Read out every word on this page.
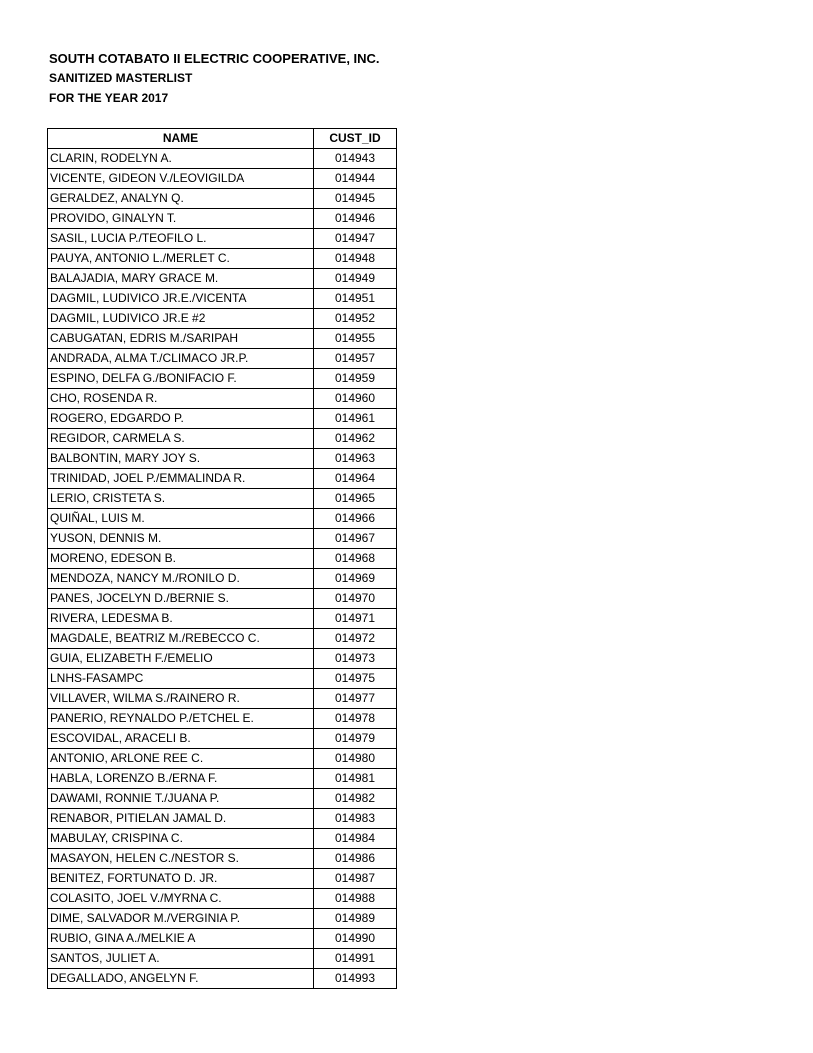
SOUTH COTABATO II ELECTRIC COOPERATIVE, INC.

SANITIZED MASTERLIST

FOR THE YEAR 2017

NAME	CUST_ID
CLARIN, RODELYN A.	014943
VICENTE, GIDEON V./LEOVIGILDA	014944
GERALDEZ, ANALYN Q.	014945
PROVIDO, GINALYN T.	014946
SASIL, LUCIA P./TEOFILO L.	014947
PAUYA, ANTONIO L./MERLET C.	014948
BALAJADIA, MARY GRACE M.	014949
DAGMIL, LUDIVICO JR.E./VICENTA	014951
DAGMIL, LUDIVICO JR.E #2	014952
CABUGATAN, EDRIS M./SARIPAH	014955
ANDRADA, ALMA T./CLIMACO JR.P.	014957
ESPINO, DELFA G./BONIFACIO F.	014959
CHO, ROSENDA R.	014960
ROGERO, EDGARDO P.	014961
REGIDOR, CARMELA S.	014962
BALBONTIN, MARY JOY S.	014963
TRINIDAD, JOEL P./EMMALINDA R.	014964
LERIO, CRISTETA S.	014965
QUIÑAL, LUIS M.	014966
YUSON, DENNIS M.	014967
MORENO, EDESON B.	014968
MENDOZA, NANCY M./RONILO D.	014969
PANES, JOCELYN D./BERNIE S.	014970
RIVERA, LEDESMA B.	014971
MAGDALE, BEATRIZ M./REBECCO C.	014972
GUIA, ELIZABETH F./EMELIO	014973
LNHS-FASAMPC	014975
VILLAVER, WILMA S./RAINERO R.	014977
PANERIO, REYNALDO P./ETCHEL E.	014978
ESCOVIDAL, ARACELI B.	014979
ANTONIO, ARLONE REE C.	014980
HABLA, LORENZO B./ERNA F.	014981
DAWAMI, RONNIE T./JUANA P.	014982
RENABOR, PITIELAN JAMAL D.	014983
MABULAY, CRISPINA C.	014984
MASAYON, HELEN C./NESTOR S.	014986
BENITEZ, FORTUNATO D. JR.	014987
COLASITO, JOEL V./MYRNA C.	014988
DIME, SALVADOR M./VERGINIA P.	014989
RUBIO, GINA A./MELKIE A	014990
SANTOS, JULIET A.	014991
DEGALLADO, ANGELYN F.	014993
